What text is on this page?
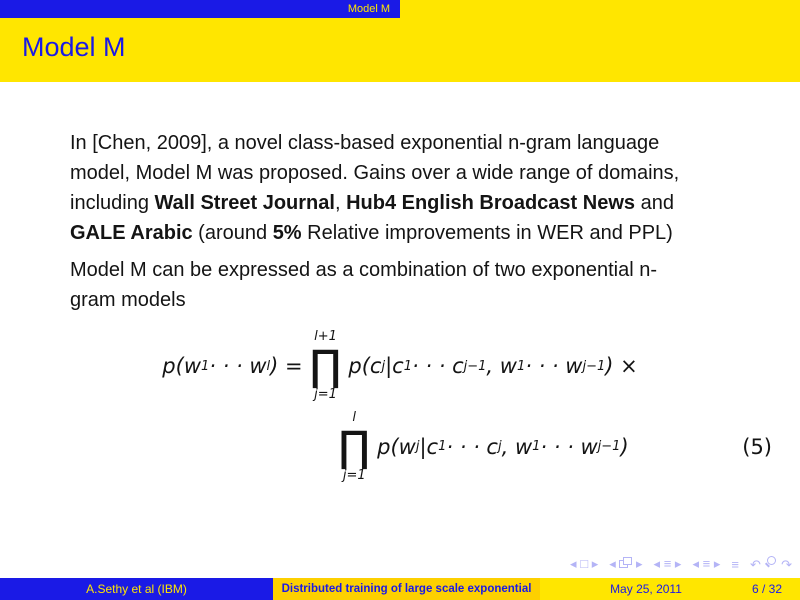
Model M
Model M

In [Chen, 2009], a novel class-based exponential n-gram language model, Model M was proposed. Gains over a wide range of domains, including Wall Street Journal, Hub4 English Broadcast News and GALE Arabic (around 5% Relative improvements in WER and PPL)

Model M can be expressed as a combination of two exponential n-gram models

p(w 1 · · · w l ) =
l+1
∏
j=1
p(c j |c 1 · · · c j−1 , w 1 · · · w j−1 ) ×
l
∏
j=1
p(w j |c 1 · · · c j , w 1 · · · w j−1 )	(5)
◂ □ ▸ ◂ ▸ ◂ ≡ ▸ ◂ ≡ ▸ ≡ ↶ ↷
A.Sethy et al (IBM)	Distributed training of large scale exponential	May 25, 2011	6 / 32
